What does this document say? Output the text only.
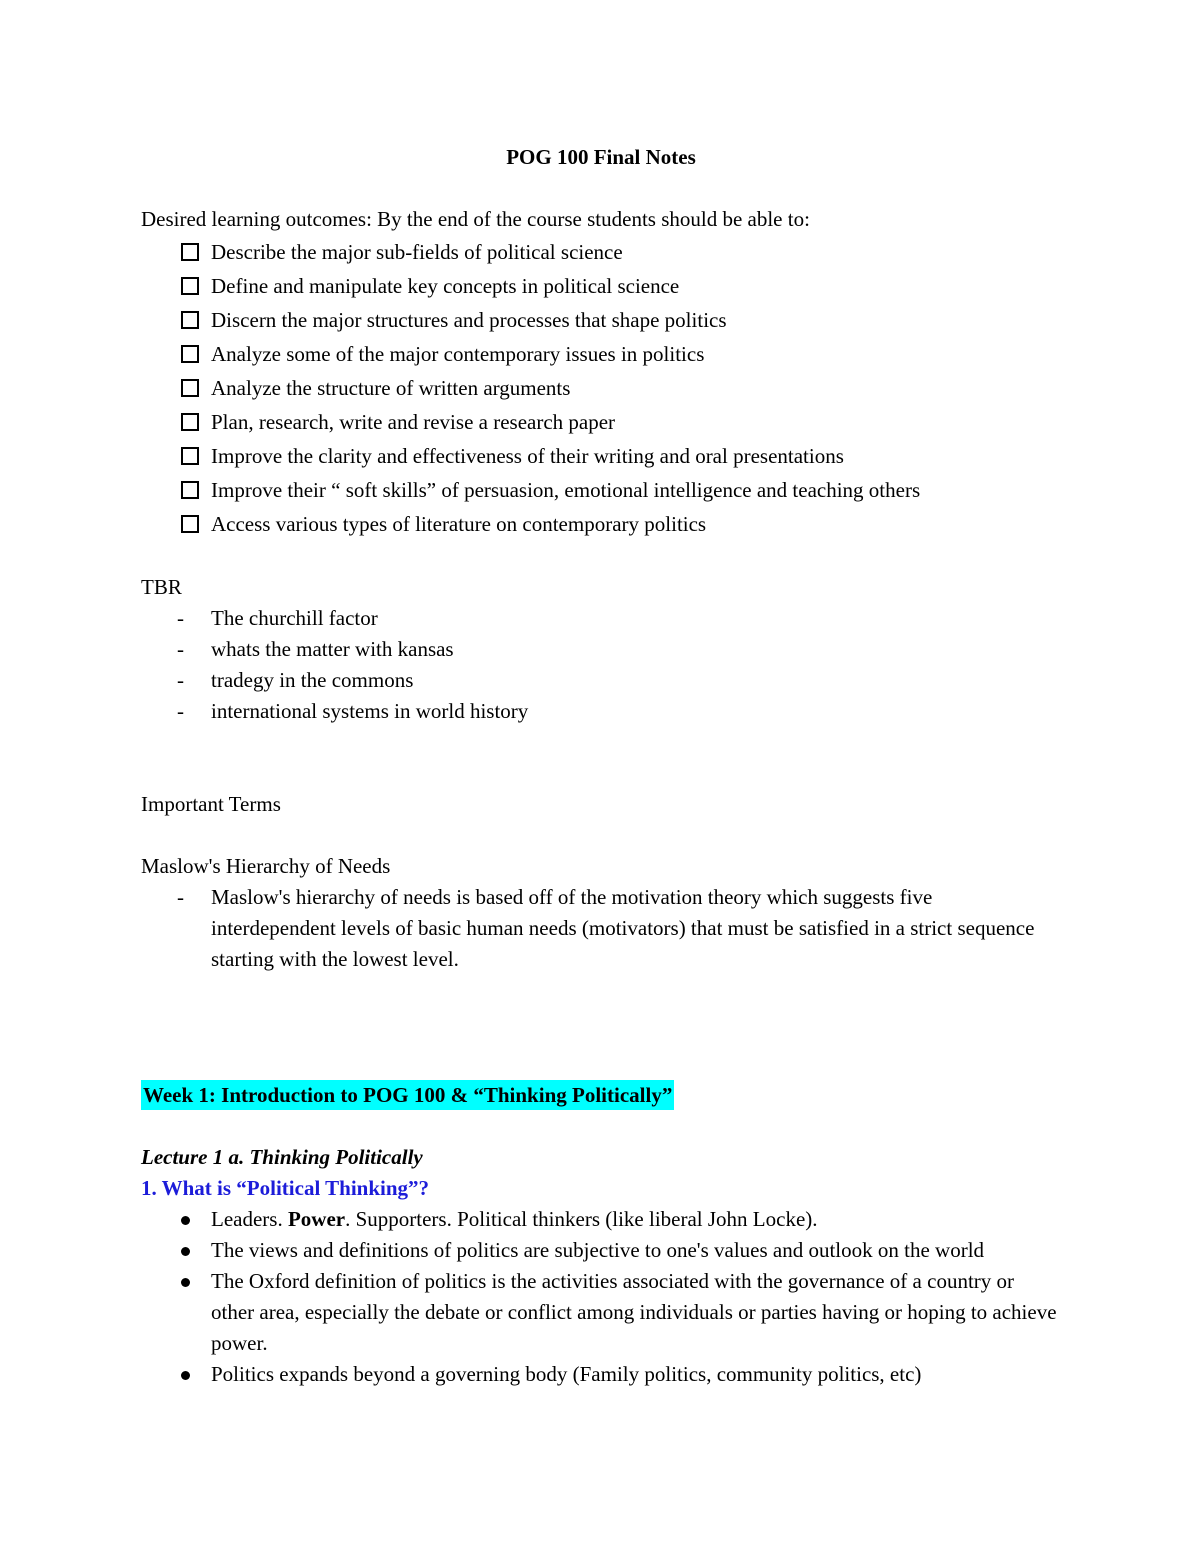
POG 100 Final Notes
Desired learning outcomes: By the end of the course students should be able to:
Describe the major sub-fields of political science
Define and manipulate key concepts in political science
Discern the major structures and processes that shape politics
Analyze some of the major contemporary issues in politics
Analyze the structure of written arguments
Plan, research, write and revise a research paper
Improve the clarity and effectiveness of their writing and oral presentations
Improve their “ soft skills” of persuasion, emotional intelligence and teaching others
Access various types of literature on contemporary politics
TBR
- The churchill factor
- whats the matter with kansas
- tradegy in the commons
- international systems in world history
Important Terms
Maslow's Hierarchy of Needs
- Maslow's hierarchy of needs is based off of the motivation theory which suggests five interdependent levels of basic human needs (motivators) that must be satisfied in a strict sequence starting with the lowest level.
Week 1: Introduction to POG 100 & “Thinking Politically”
Lecture 1 a. Thinking Politically
1. What is “Political Thinking”?
Leaders. Power. Supporters. Political thinkers (like liberal John Locke).
The views and definitions of politics are subjective to one's values and outlook on the world
The Oxford definition of politics is the activities associated with the governance of a country or other area, especially the debate or conflict among individuals or parties having or hoping to achieve power.
Politics expands beyond a governing body (Family politics, community politics, etc)
